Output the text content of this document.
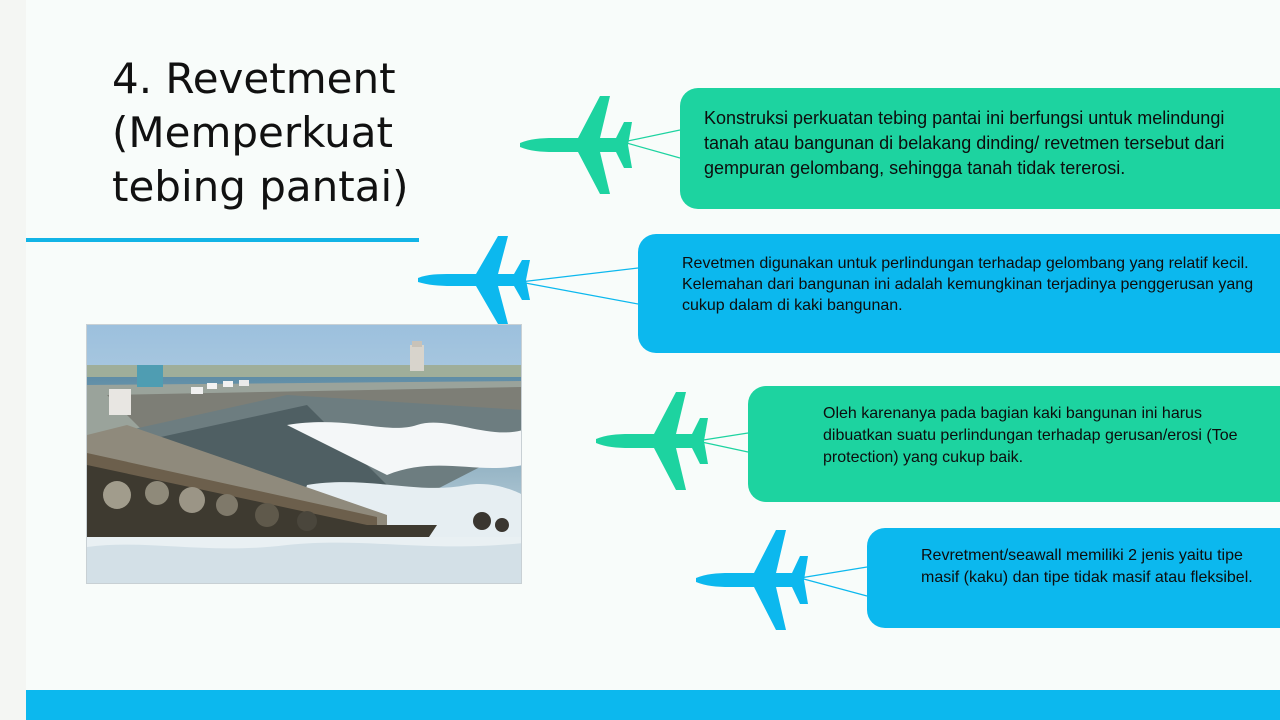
4. Revetment
(Memperkuat
tebing pantai)

Konstruksi perkuatan tebing pantai ini berfungsi untuk melindungi tanah atau bangunan di belakang dinding/ revetmen tersebut dari gempuran gelombang, sehingga tanah tidak tererosi.

Revetmen digunakan untuk perlindungan terhadap gelombang yang relatif kecil.

Kelemahan dari bangunan ini adalah kemungkinan terjadinya penggerusan yang cukup dalam di kaki bangunan.

Oleh karenanya pada bagian kaki bangunan ini harus dibuatkan suatu perlindungan terhadap gerusan/erosi (Toe protection) yang cukup baik.

Revretment/seawall memiliki 2 jenis yaitu tipe masif (kaku) dan tipe tidak masif atau fleksibel.
